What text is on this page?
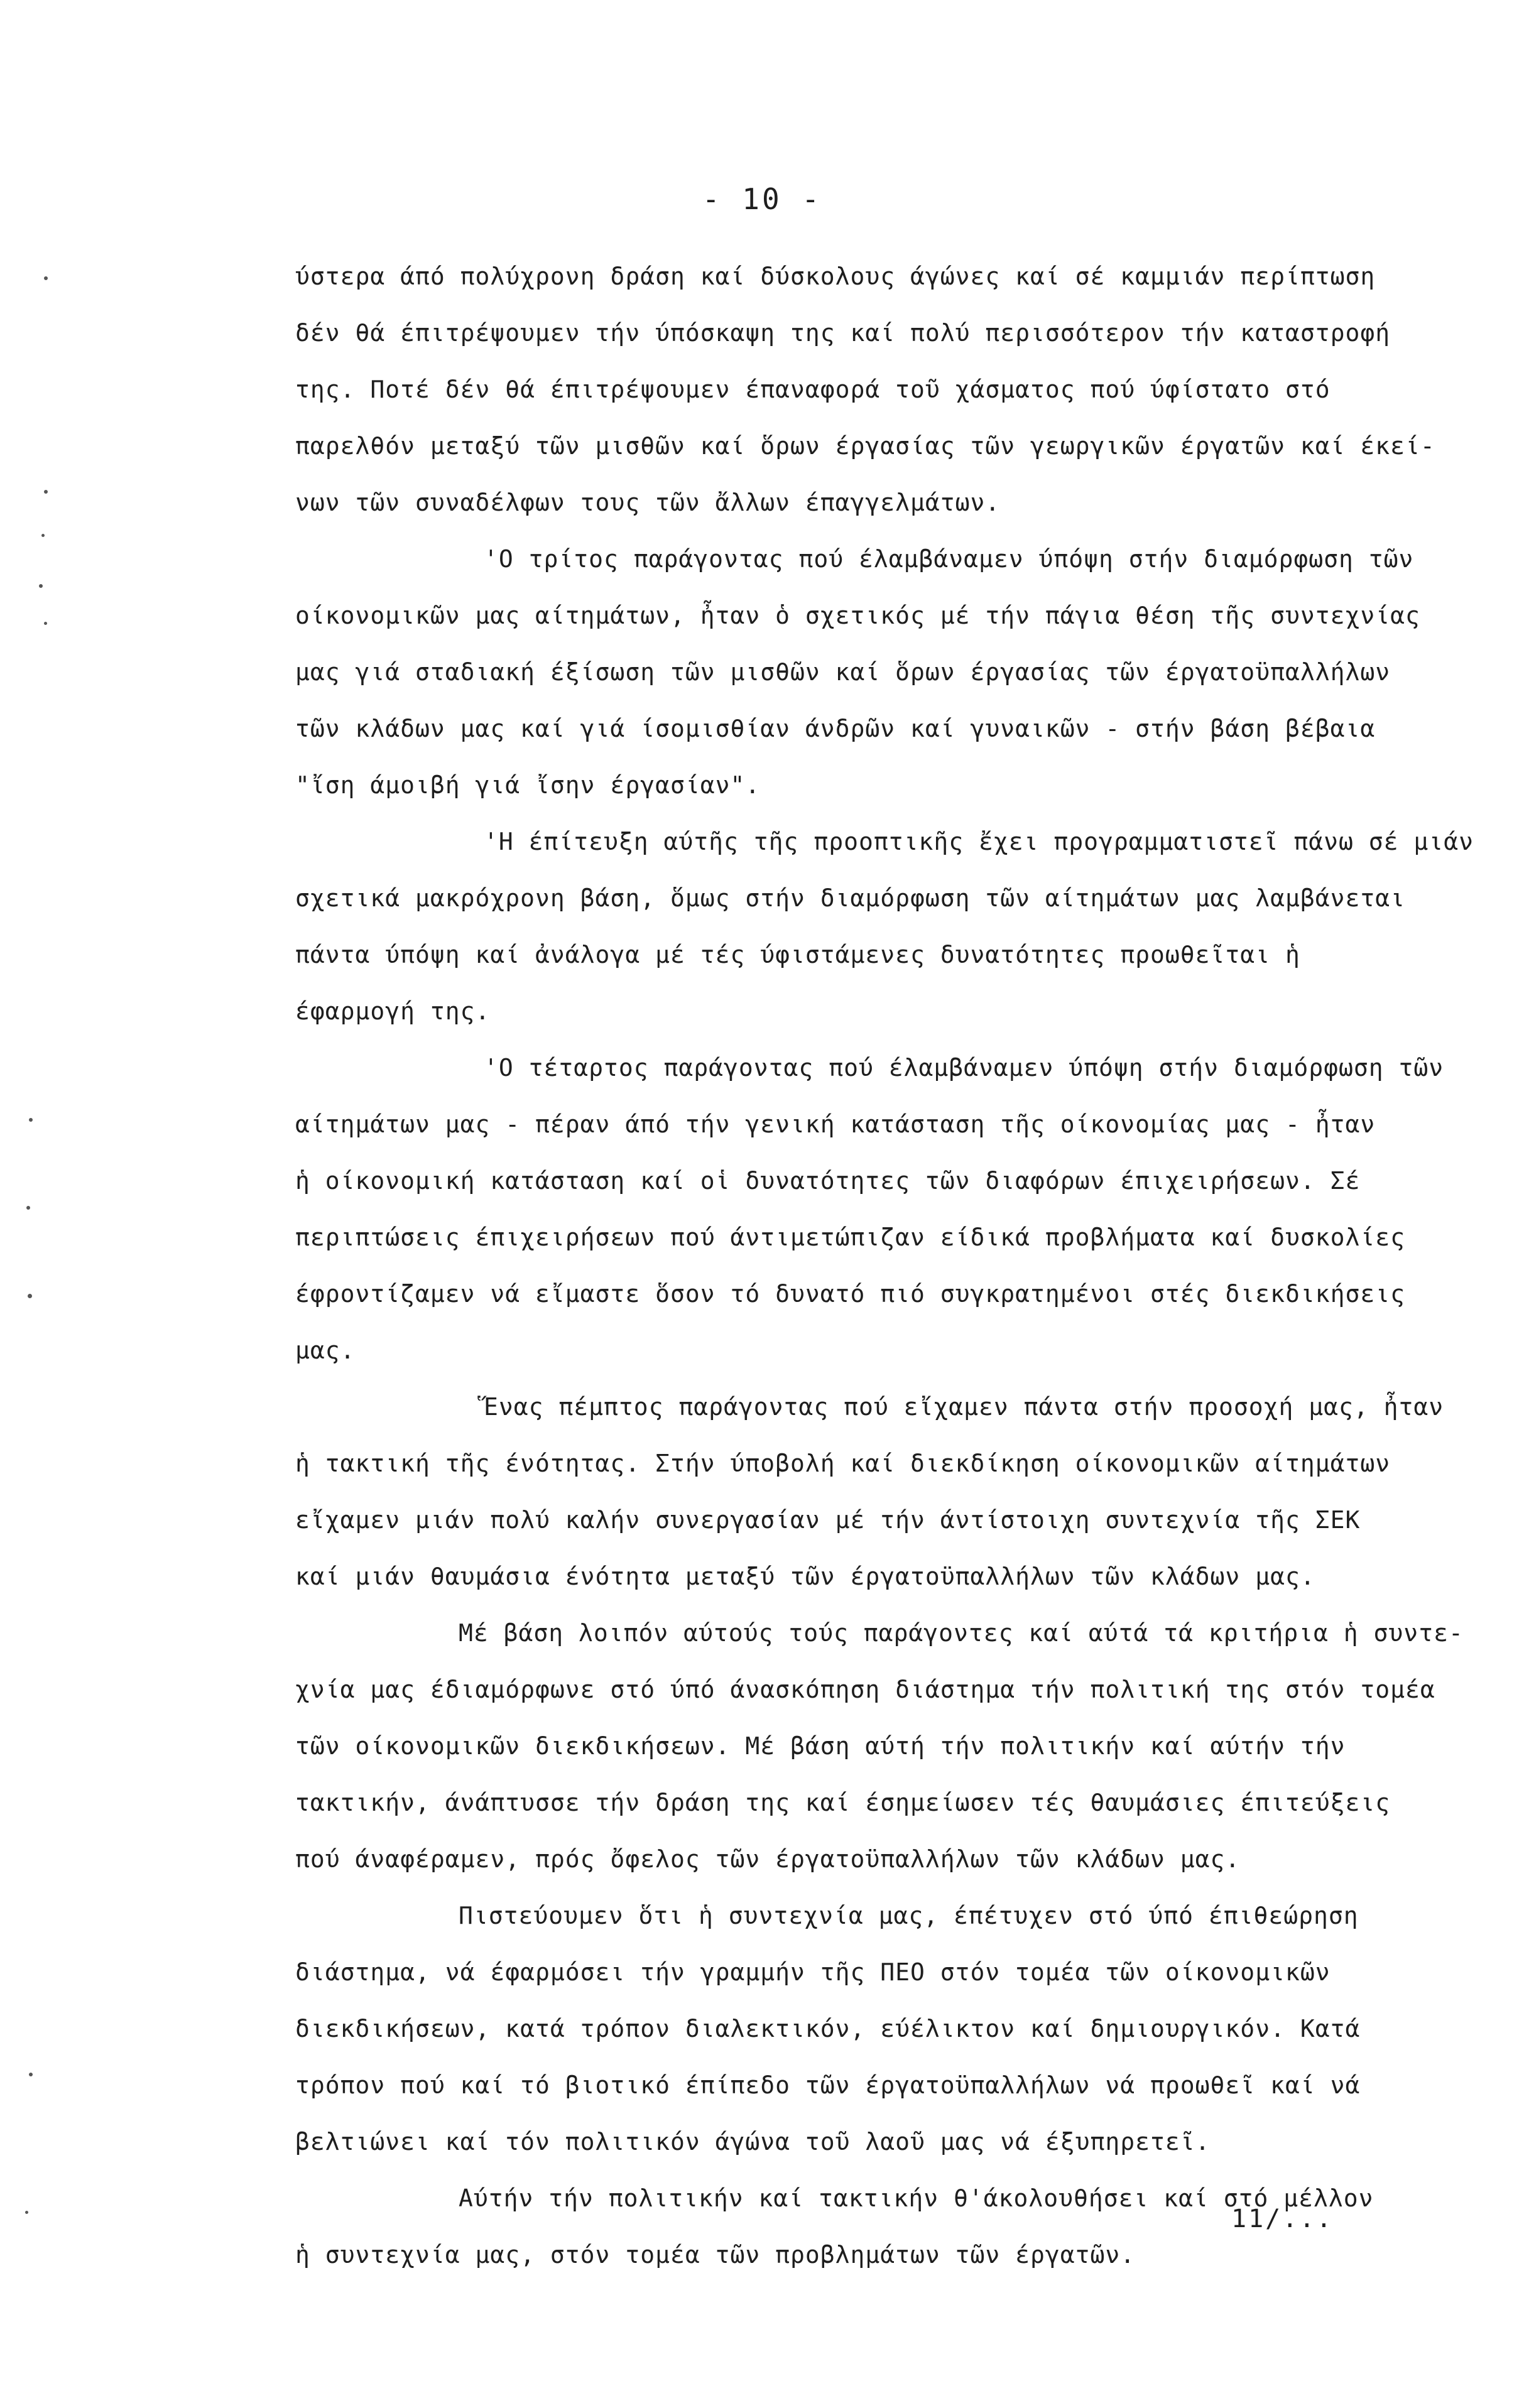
- 10 -
ύστερα άπό πολύχρονη δράση καί δύσκολους άγώνες καί σέ καμμιάν περίπτωση
δέν θά έπιτρέψουμεν τήν ύπόσκαψη της καί πολύ περισσότερον τήν καταστροφή
της. Ποτέ δέν θά έπιτρέψουμεν έπαναφορά τοῦ χάσματος πού ύφίστατο στό
παρελθόν μεταξύ τῶν μισθῶν καί ὅρων έργασίας τῶν γεωργικῶν έργατῶν καί έκεί-
νων τῶν συναδέλφων τους τῶν ἄλλων έπαγγελμάτων.
'Ο τρίτος παράγοντας πού έλαμβάναμεν ύπόψη στήν διαμόρφωση τῶν
οίκονομικῶν μας αίτημάτων, ἦταν ὁ σχετικός μέ τήν πάγια θέση τῆς συντεχνίας
μας γιά σταδιακή έξίσωση τῶν μισθῶν καί ὅρων έργασίας τῶν έργατοϋπαλλήλων
τῶν κλάδων μας καί γιά ίσομισθίαν άνδρῶν καί γυναικῶν - στήν βάση βέβαια
"ἴση άμοιβή γιά ἴσην έργασίαν".
'Η έπίτευξη αύτῆς τῆς προοπτικῆς ἔχει προγραμματιστεῖ πάνω σέ μιάν
σχετικά μακρόχρονη βάση, ὅμως στήν διαμόρφωση τῶν αίτημάτων μας λαμβάνεται
πάντα ύπόψη καί ἀνάλογα μέ τές ύφιστάμενες δυνατότητες προωθεῖται ἡ
έφαρμογή της.
'Ο τέταρτος παράγοντας πού έλαμβάναμεν ύπόψη στήν διαμόρφωση τῶν
αίτημάτων μας - πέραν άπό τήν γενική κατάσταση τῆς οίκονομίας μας - ἦταν
ἡ οίκονομική κατάσταση καί οἱ δυνατότητες τῶν διαφόρων έπιχειρήσεων. Σέ
περιπτώσεις έπιχειρήσεων πού άντιμετώπιζαν είδικά προβλήματα καί δυσκολίες
έφροντίζαμεν νά εἴμαστε ὅσον τό δυνατό πιό συγκρατημένοι στές διεκδικήσεις
μας.
Ἕνας πέμπτος παράγοντας πού εἴχαμεν πάντα στήν προσοχή μας, ἦταν
ἡ τακτική τῆς ένότητας. Στήν ύποβολή καί διεκδίκηση οίκονομικῶν αίτημάτων
εἴχαμεν μιάν πολύ καλήν συνεργασίαν μέ τήν άντίστοιχη συντεχνία τῆς ΣΕΚ
καί μιάν θαυμάσια ένότητα μεταξύ τῶν έργατοϋπαλλήλων τῶν κλάδων μας.
Μέ βάση λοιπόν αύτούς τούς παράγοντες καί αύτά τά κριτήρια ἡ συντε-
χνία μας έδιαμόρφωνε στό ύπό άνασκόπηση διάστημα τήν πολιτική της στόν τομέα
τῶν οίκονομικῶν διεκδικήσεων. Μέ βάση αύτή τήν πολιτικήν καί αύτήν τήν
τακτικήν, άνάπτυσσε τήν δράση της καί έσημείωσεν τές θαυμάσιες έπιτεύξεις
πού άναφέραμεν, πρός ὄφελος τῶν έργατοϋπαλλήλων τῶν κλάδων μας.
Πιστεύουμεν ὅτι ἡ συντεχνία μας, έπέτυχεν στό ύπό έπιθεώρηση
διάστημα, νά έφαρμόσει τήν γραμμήν τῆς ΠΕΟ στόν τομέα τῶν οίκονομικῶν
διεκδικήσεων, κατά τρόπον διαλεκτικόν, εύέλικτον καί δημιουργικόν. Κατά
τρόπον πού καί τό βιοτικό έπίπεδο τῶν έργατοϋπαλλήλων νά προωθεῖ καί νά
βελτιώνει καί τόν πολιτικόν άγώνα τοῦ λαοῦ μας νά έξυπηρετεῖ.
Αύτήν τήν πολιτικήν καί τακτικήν θ'άκολουθήσει καί στό μέλλον
ἡ συντεχνία μας, στόν τομέα τῶν προβλημάτων τῶν έργατῶν.
11/...
